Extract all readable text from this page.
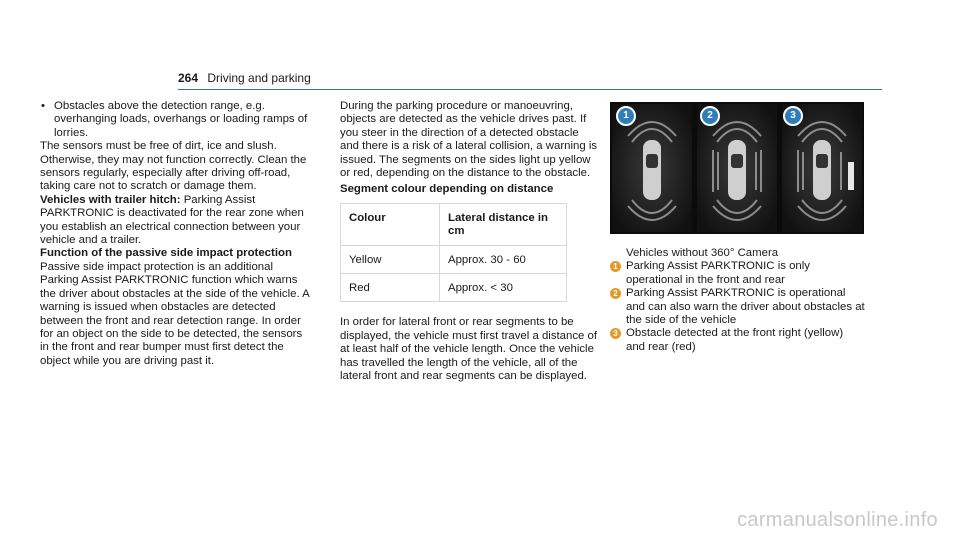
264 Driving and parking

• Obstacles above the detection range, e.g. overhanging loads, overhangs or loading ramps of lorries.

The sensors must be free of dirt, ice and slush. Otherwise, they may not function correctly. Clean the sensors regularly, especially after driving off-road, taking care not to scratch or damage them.

Vehicles with trailer hitch: Parking Assist PARKTRONIC is deactivated for the rear zone when you establish an electrical connection between your vehicle and a trailer.

Function of the passive side impact protection

Passive side impact protection is an additional Parking Assist PARKTRONIC function which warns the driver about obstacles at the side of the vehicle. A warning is issued when obstacles are detected between the front and rear detection range. In order for an object on the side to be detected, the sensors in the front and rear bumper must first detect the object while you are driving past it.

During the parking procedure or manoeuvring, objects are detected as the vehicle drives past. If you steer in the direction of a detected obstacle and there is a risk of a lateral collision, a warning is issued. The segments on the sides light up yellow or red, depending on the distance to the obstacle.

Segment colour depending on distance

Colour	Lateral distance in cm
Yellow	Approx. 30 - 60
Red	Approx. < 30

In order for lateral front or rear segments to be displayed, the vehicle must first travel a distance of at least half of the vehicle length. Once the vehicle has travelled the length of the vehicle, all of the lateral front and rear segments can be displayed.

1	2	3

Vehicles without 360° Camera

1 Parking Assist PARKTRONIC is only operational in the front and rear
2 Parking Assist PARKTRONIC is operational and can also warn the driver about obstacles at the side of the vehicle
3 Obstacle detected at the front right (yellow) and rear (red)
carmanualsonline.info
